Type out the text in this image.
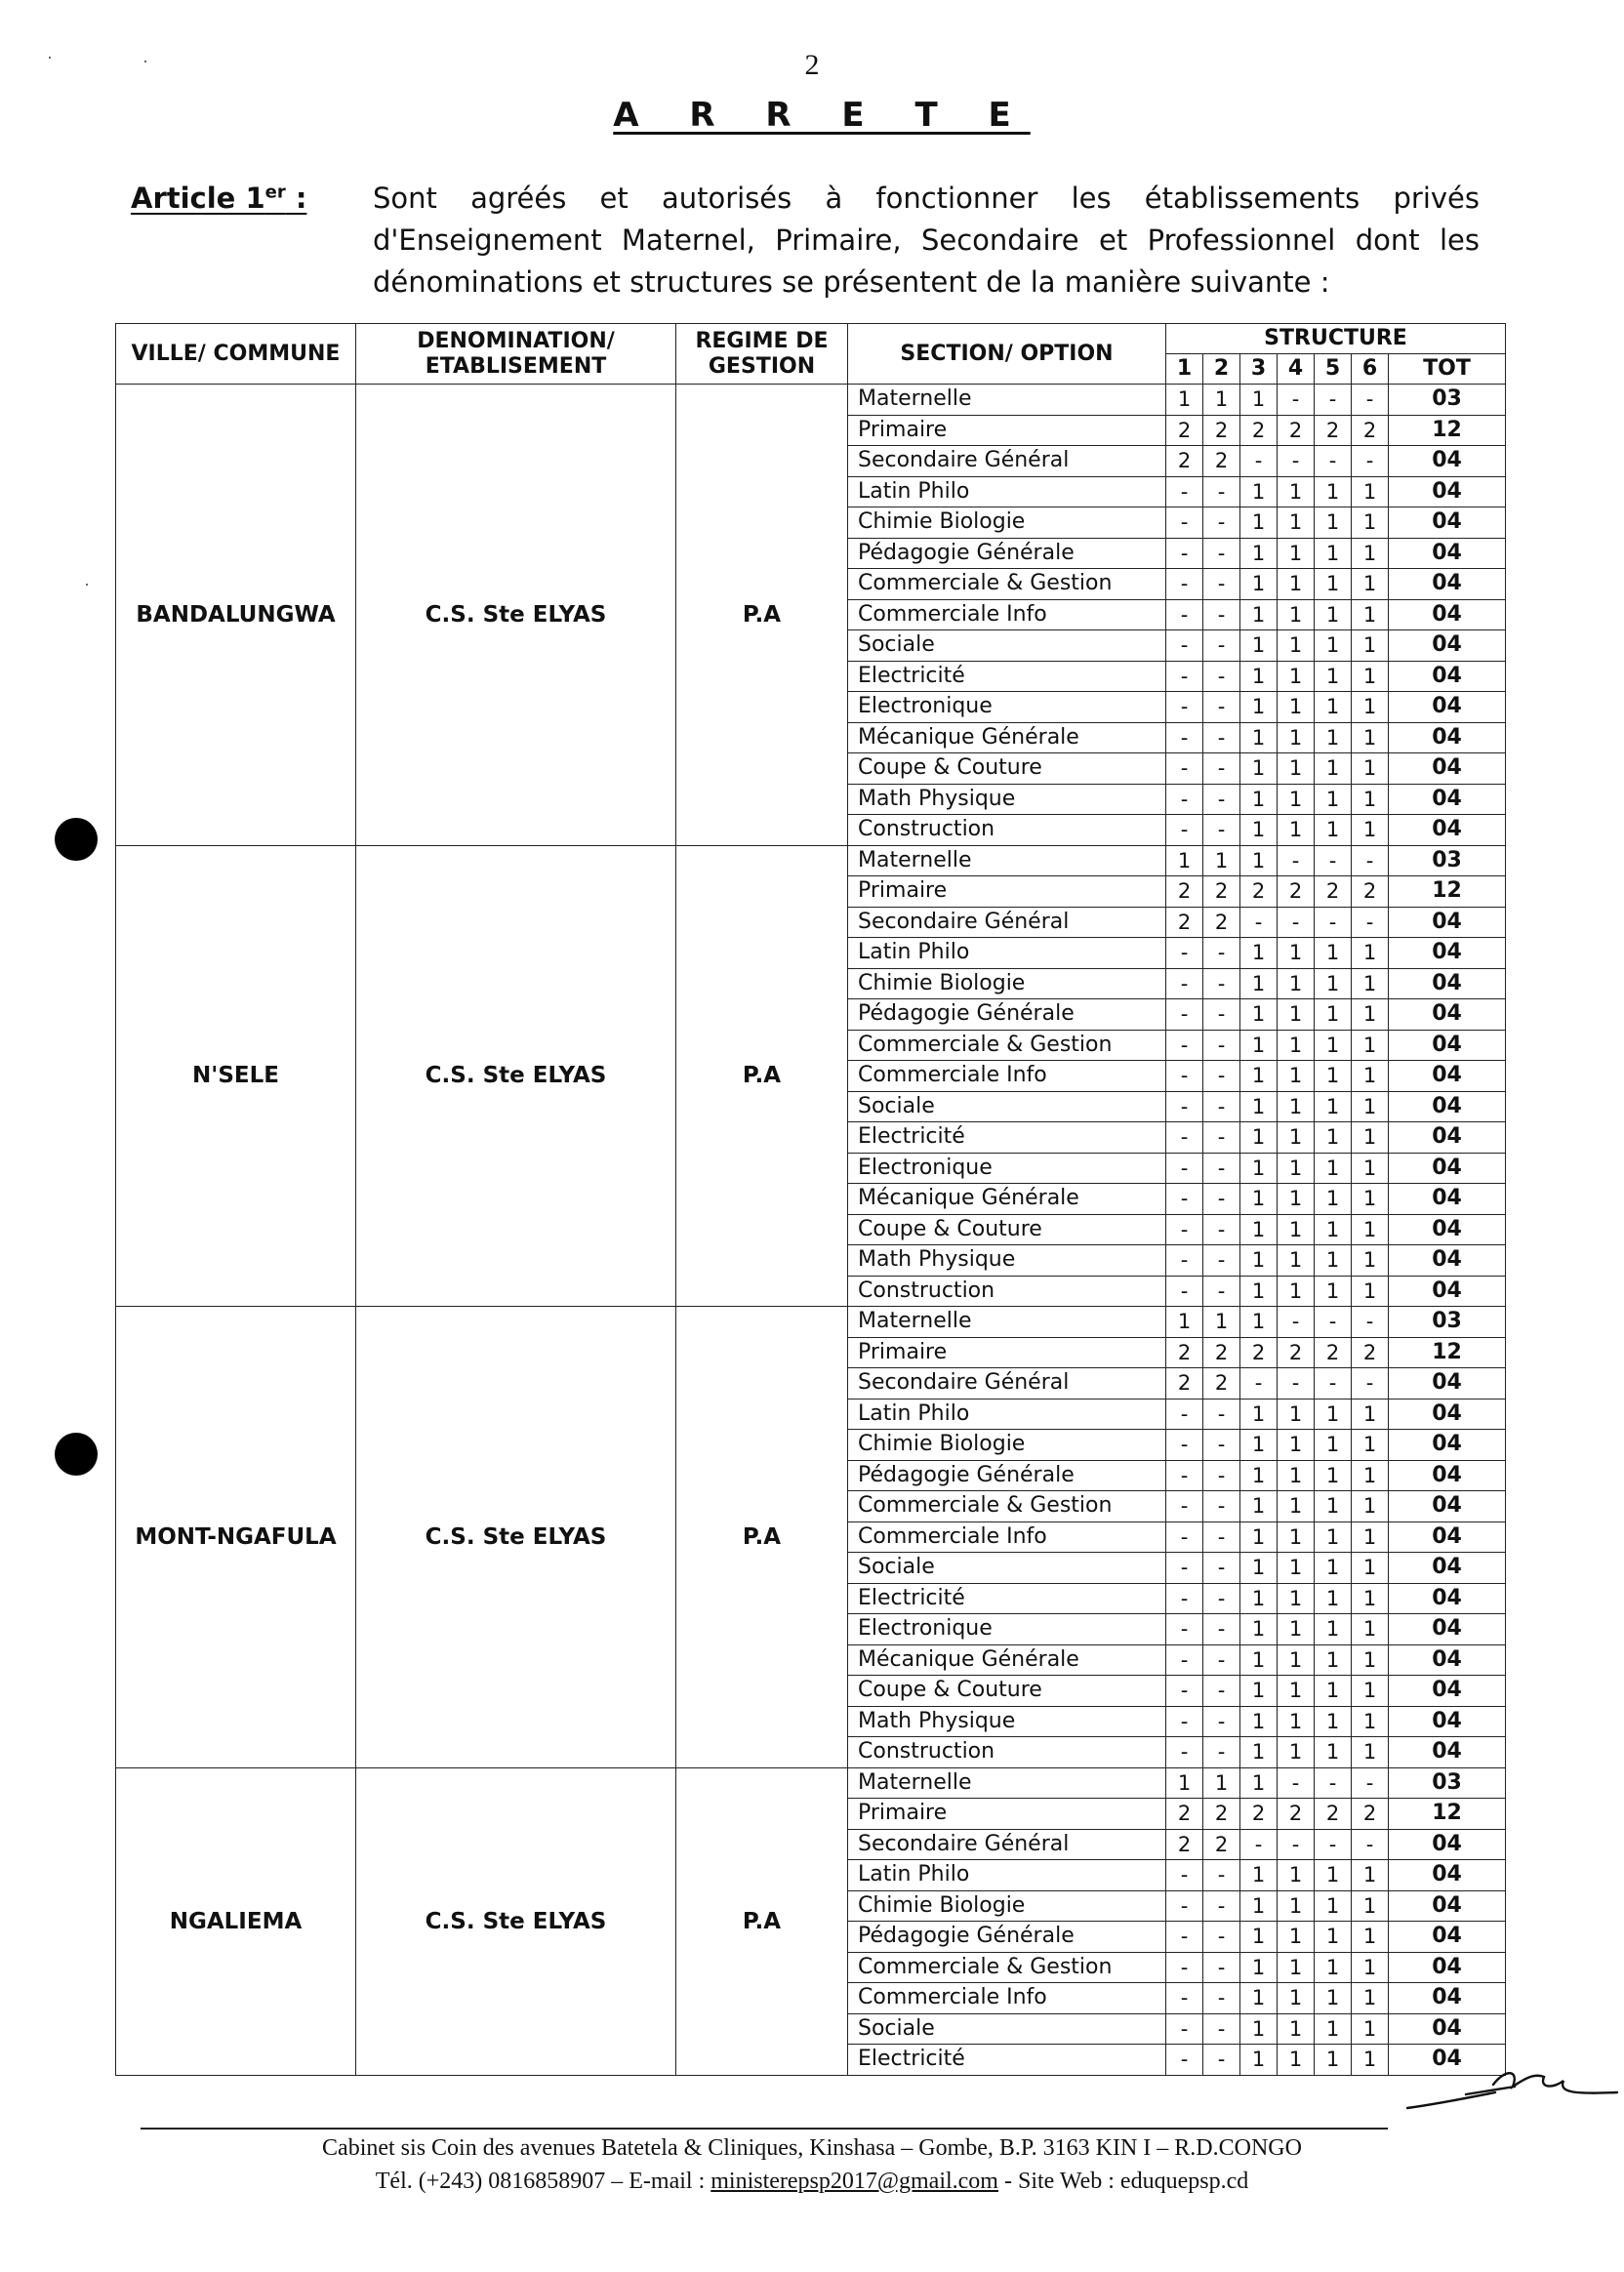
2
A R R E T E
Article 1er : Sont agréés et autorisés à fonctionner les établissements privés d'Enseignement Maternel, Primaire, Secondaire et Professionnel dont les dénominations et structures se présentent de la manière suivante :
VILLE/ COMMUNE	DENOMINATION/ ETABLISEMENT	REGIME DE GESTION	SECTION/ OPTION	STRUCTURE						
				1	2	3	4	5	6	TOT
BANDALUNGWA	C.S. Ste ELYAS	P.A	Maternelle	1	1	1	-	-	-	03
			Primaire	2	2	2	2	2	2	12
			Secondaire Général	2	2	-	-	-	-	04
			Latin Philo	-	-	1	1	1	1	04
			Chimie Biologie	-	-	1	1	1	1	04
			Pédagogie Générale	-	-	1	1	1	1	04
			Commerciale & Gestion	-	-	1	1	1	1	04
			Commerciale Info	-	-	1	1	1	1	04
			Sociale	-	-	1	1	1	1	04
			Electricité	-	-	1	1	1	1	04
			Electronique	-	-	1	1	1	1	04
			Mécanique Générale	-	-	1	1	1	1	04
			Coupe & Couture	-	-	1	1	1	1	04
			Math Physique	-	-	1	1	1	1	04
			Construction	-	-	1	1	1	1	04
N'SELE	C.S. Ste ELYAS	P.A	Maternelle	1	1	1	-	-	-	03
			Primaire	2	2	2	2	2	2	12
			Secondaire Général	2	2	-	-	-	-	04
			Latin Philo	-	-	1	1	1	1	04
			Chimie Biologie	-	-	1	1	1	1	04
			Pédagogie Générale	-	-	1	1	1	1	04
			Commerciale & Gestion	-	-	1	1	1	1	04
			Commerciale Info	-	-	1	1	1	1	04
			Sociale	-	-	1	1	1	1	04
			Electricité	-	-	1	1	1	1	04
			Electronique	-	-	1	1	1	1	04
			Mécanique Générale	-	-	1	1	1	1	04
			Coupe & Couture	-	-	1	1	1	1	04
			Math Physique	-	-	1	1	1	1	04
			Construction	-	-	1	1	1	1	04
MONT-NGAFULA	C.S. Ste ELYAS	P.A	Maternelle	1	1	1	-	-	-	03
			Primaire	2	2	2	2	2	2	12
			Secondaire Général	2	2	-	-	-	-	04
			Latin Philo	-	-	1	1	1	1	04
			Chimie Biologie	-	-	1	1	1	1	04
			Pédagogie Générale	-	-	1	1	1	1	04
			Commerciale & Gestion	-	-	1	1	1	1	04
			Commerciale Info	-	-	1	1	1	1	04
			Sociale	-	-	1	1	1	1	04
			Electricité	-	-	1	1	1	1	04
			Electronique	-	-	1	1	1	1	04
			Mécanique Générale	-	-	1	1	1	1	04
			Coupe & Couture	-	-	1	1	1	1	04
			Math Physique	-	-	1	1	1	1	04
			Construction	-	-	1	1	1	1	04
NGALIEMA	C.S. Ste ELYAS	P.A	Maternelle	1	1	1	-	-	-	03
			Primaire	2	2	2	2	2	2	12
			Secondaire Général	2	2	-	-	-	-	04
			Latin Philo	-	-	1	1	1	1	04
			Chimie Biologie	-	-	1	1	1	1	04
			Pédagogie Générale	-	-	1	1	1	1	04
			Commerciale & Gestion	-	-	1	1	1	1	04
			Commerciale Info	-	-	1	1	1	1	04
			Sociale	-	-	1	1	1	1	04
			Electricité	-	-	1	1	1	1	04
Cabinet sis Coin des avenues Batetela & Cliniques, Kinshasa – Gombe, B.P. 3163 KIN I – R.D.CONGO
Tél. (+243) 0816858907 – E-mail : ministerepsp2017@gmail.com - Site Web : eduquepsp.cd
